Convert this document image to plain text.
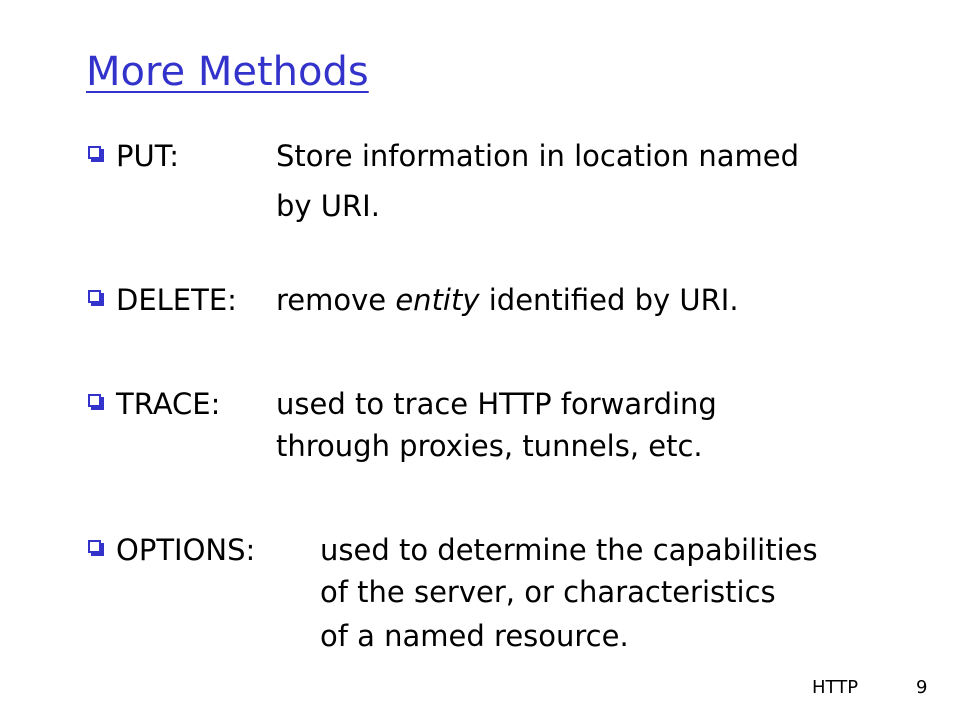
More Methods
PUT:	Store information in location named
by URI.
DELETE: remove entity identified by URI.
TRACE: used to trace HTTP forwarding
through proxies, tunnels, etc.
OPTIONS: used to determine the capabilities
of the server, or characteristics
of a named resource.
HTTP	9
